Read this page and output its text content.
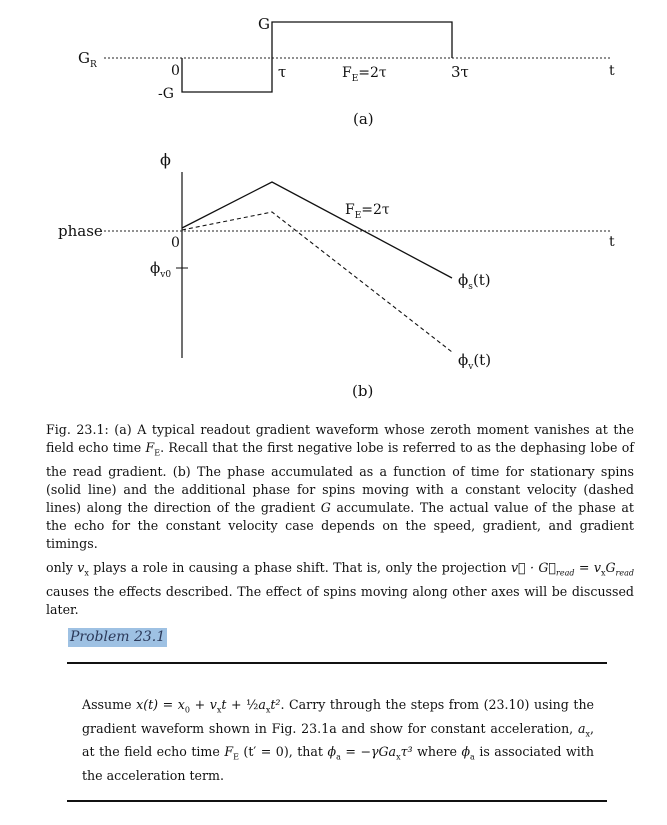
$G_R$
G
0
-G
τ	$F_E=2\tau$	3τ	t
(a)
ϕ
phase
0
$\phi_{v0}$
$F_E=2\tau$
t
$\phi_s(t)$
$\phi_v(t)$
(b)
Fig. 23.1: (a) A typical readout gradient waveform whose zeroth moment vanishes at the field echo time $F_E$. Recall that the first negative lobe is referred to as the dephasing lobe of the read gradient. (b) The phase accumulated as a function of time for stationary spins (solid line) and the additional phase for spins moving with a constant velocity (dashed lines) along the direction of the gradient G accumulate. The actual value of the phase at the echo for the constant velocity case depends on the speed, gradient, and gradient timings.
only $v_x$ plays a role in causing a phase shift. That is, only the projection v⃗ · $G⃗_{read} = v_xG_{read}$ causes the effects described. The effect of spins moving along other axes will be discussed later.
Problem 23.1
Assume $x(t) = x_0 + v_xt$ + $\frac{1}{2}a_xt^2$. Carry through the steps from (23.10) using the gradient waveform shown in Fig. 23.1a and show for constant acceleration, $a_x$, at the field echo time $F_E$ (t′ = 0), that $\phi_a = -\gamma Ga_x\tau^3$ where $\phi_a$ is associated with the acceleration term.
